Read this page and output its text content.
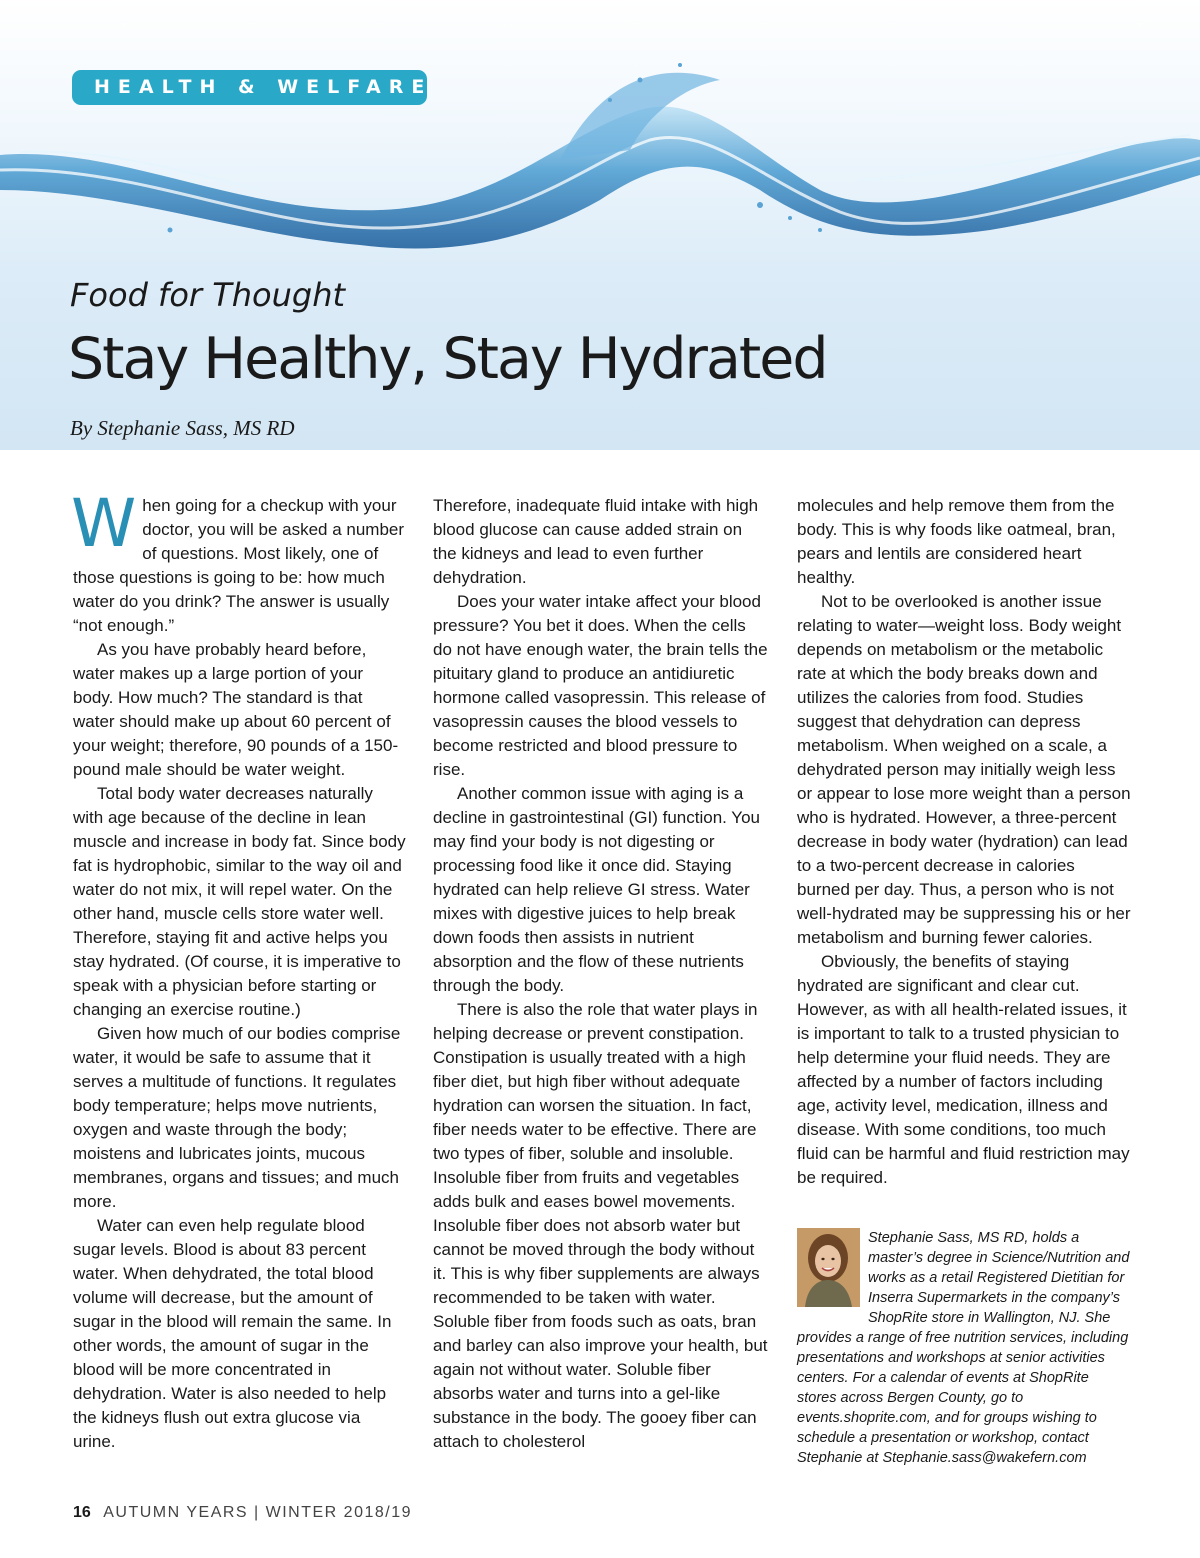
HEALTH & WELFARE
Food for Thought
Stay Healthy, Stay Hydrated
By Stephanie Sass, MS RD

When going for a checkup with your doctor, you will be asked a number of questions. Most likely, one of those questions is going to be: how much water do you drink? The answer is usually “not enough.”

As you have probably heard before, water makes up a large portion of your body. How much? The standard is that water should make up about 60 percent of your weight; therefore, 90 pounds of a 150-pound male should be water weight.

Total body water decreases naturally with age because of the decline in lean muscle and increase in body fat. Since body fat is hydrophobic, similar to the way oil and water do not mix, it will repel water. On the other hand, muscle cells store water well. Therefore, staying fit and active helps you stay hydrated. (Of course, it is imperative to speak with a physician before starting or changing an exercise routine.)

Given how much of our bodies comprise water, it would be safe to assume that it serves a multitude of functions. It regulates body temperature; helps move nutrients, oxygen and waste through the body; moistens and lubricates joints, mucous membranes, organs and tissues; and much more.

Water can even help regulate blood sugar levels. Blood is about 83 percent water. When dehydrated, the total blood volume will decrease, but the amount of sugar in the blood will remain the same. In other words, the amount of sugar in the blood will be more concentrated in dehydration. Water is also needed to help the kidneys flush out extra glucose via urine.

Therefore, inadequate fluid intake with high blood glucose can cause added strain on the kidneys and lead to even further dehydration.

Does your water intake affect your blood pressure? You bet it does. When the cells do not have enough water, the brain tells the pituitary gland to produce an antidiuretic hormone called vasopressin. This release of vasopressin causes the blood vessels to become restricted and blood pressure to rise.

Another common issue with aging is a decline in gastrointestinal (GI) function. You may find your body is not digesting or processing food like it once did. Staying hydrated can help relieve GI stress. Water mixes with digestive juices to help break down foods then assists in nutrient absorption and the flow of these nutrients through the body.

There is also the role that water plays in helping decrease or prevent constipation. Constipation is usually treated with a high fiber diet, but high fiber without adequate hydration can worsen the situation. In fact, fiber needs water to be effective. There are two types of fiber, soluble and insoluble. Insoluble fiber from fruits and vegetables adds bulk and eases bowel movements. Insoluble fiber does not absorb water but cannot be moved through the body without it. This is why fiber supplements are always recommended to be taken with water. Soluble fiber from foods such as oats, bran and barley can also improve your health, but again not without water. Soluble fiber absorbs water and turns into a gel-like substance in the body. The gooey fiber can attach to cholesterol

molecules and help remove them from the body. This is why foods like oatmeal, bran, pears and lentils are considered heart healthy.

Not to be overlooked is another issue relating to water—weight loss. Body weight depends on metabolism or the metabolic rate at which the body breaks down and utilizes the calories from food. Studies suggest that dehydration can depress metabolism. When weighed on a scale, a dehydrated person may initially weigh less or appear to lose more weight than a person who is hydrated. However, a three-percent decrease in body water (hydration) can lead to a two-percent decrease in calories burned per day. Thus, a person who is not well-hydrated may be suppressing his or her metabolism and burning fewer calories.

Obviously, the benefits of staying hydrated are significant and clear cut. However, as with all health-related issues, it is important to talk to a trusted physician to help determine your fluid needs. They are affected by a number of factors including age, activity level, medication, illness and disease. With some conditions, too much fluid can be harmful and fluid restriction may be required.

Stephanie Sass, MS RD, holds a master’s degree in Science/Nutrition and works as a retail Registered Dietitian for Inserra Supermarkets in the company’s ShopRite store in Wallington, NJ. She provides a range of free nutrition services, including presentations and workshops at senior activities centers. For a calendar of events at ShopRite stores across Bergen County, go to events.shoprite.com, and for groups wishing to schedule a presentation or workshop, contact Stephanie at Stephanie.sass@wakefern.com

16 AUTUMN YEARS | WINTER 2018/19
